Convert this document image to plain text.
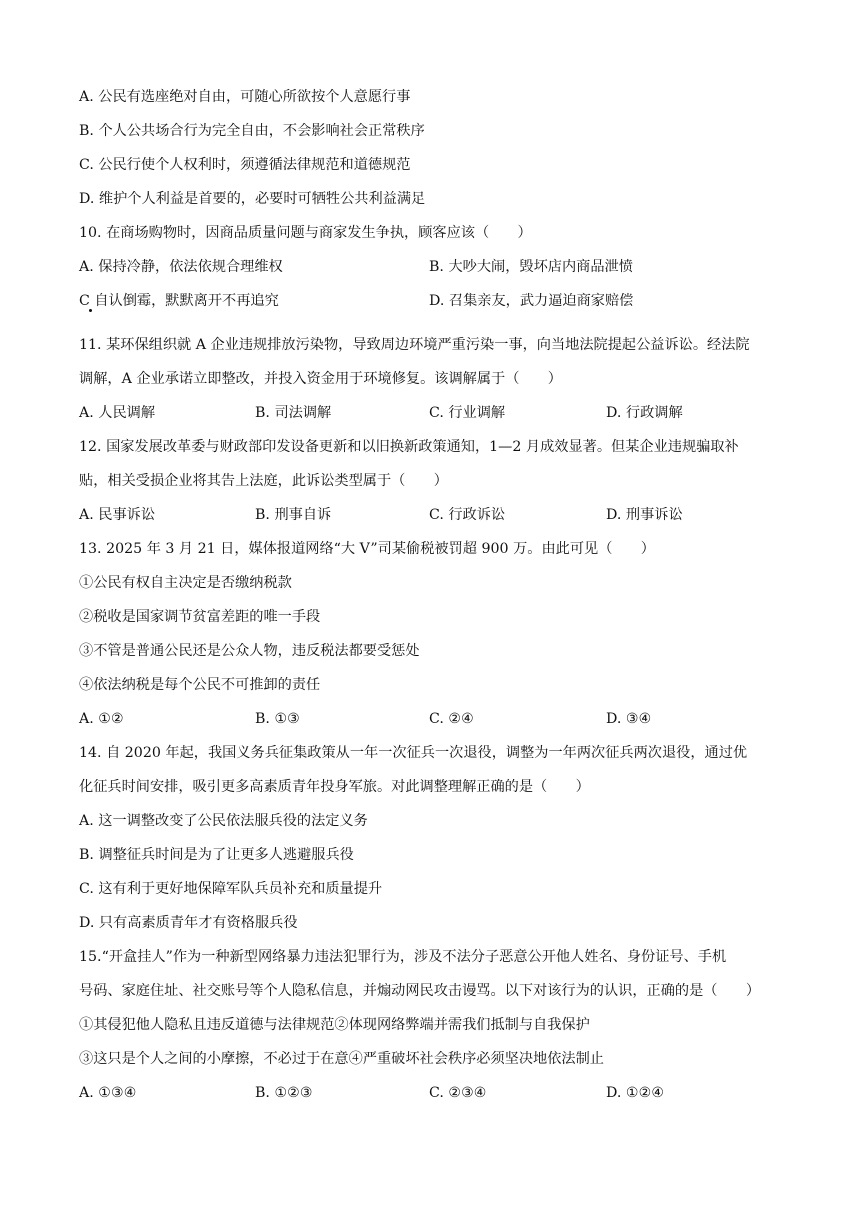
A. 公民有选座绝对自由，可随心所欲按个人意愿行事
B. 个人公共场合行为完全自由，不会影响社会正常秩序
C. 公民行使个人权利时，须遵循法律规范和道德规范
D. 维护个人利益是首要的，必要时可牺牲公共利益满足
10. 在商场购物时，因商品质量问题与商家发生争执，顾客应该（　　）
A. 保持冷静，依法依规合理维权	B. 大吵大闹，毁坏店内商品泄愤
C 自认倒霉，默默离开不再追究	D. 召集亲友，武力逼迫商家赔偿
11. 某环保组织就 A 企业违规排放污染物，导致周边环境严重污染一事，向当地法院提起公益诉讼。经法院
调解，A 企业承诺立即整改，并投入资金用于环境修复。该调解属于（　　）
A. 人民调解	B. 司法调解	C. 行业调解	D. 行政调解
12. 国家发展改革委与财政部印发设备更新和以旧换新政策通知，1—2 月成效显著。但某企业违规骗取补
贴，相关受损企业将其告上法庭，此诉讼类型属于（　　）
A. 民事诉讼	B. 刑事自诉	C. 行政诉讼	D. 刑事诉讼
13. 2025 年 3 月 21 日，媒体报道网络“大 V”司某偷税被罚超 900 万。由此可见（　　）
①公民有权自主决定是否缴纳税款
②税收是国家调节贫富差距的唯一手段
③不管是普通公民还是公众人物，违反税法都要受惩处
④依法纳税是每个公民不可推卸的责任
A. ①②	B. ①③	C. ②④	D. ③④
14. 自 2020 年起，我国义务兵征集政策从一年一次征兵一次退役，调整为一年两次征兵两次退役，通过优
化征兵时间安排，吸引更多高素质青年投身军旅。对此调整理解正确的是（　　）
A. 这一调整改变了公民依法服兵役的法定义务
B. 调整征兵时间是为了让更多人逃避服兵役
C. 这有利于更好地保障军队兵员补充和质量提升
D. 只有高素质青年才有资格服兵役
15.“开盒挂人”作为一种新型网络暴力违法犯罪行为，涉及不法分子恶意公开他人姓名、身份证号、手机
号码、家庭住址、社交账号等个人隐私信息，并煽动网民攻击谩骂。以下对该行为的认识，正确的是（　　）
①其侵犯他人隐私且违反道德与法律规范②体现网络弊端并需我们抵制与自我保护
③这只是个人之间的小摩擦，不必过于在意④严重破坏社会秩序必须坚决地依法制止
A. ①③④	B. ①②③	C. ②③④	D. ①②④
